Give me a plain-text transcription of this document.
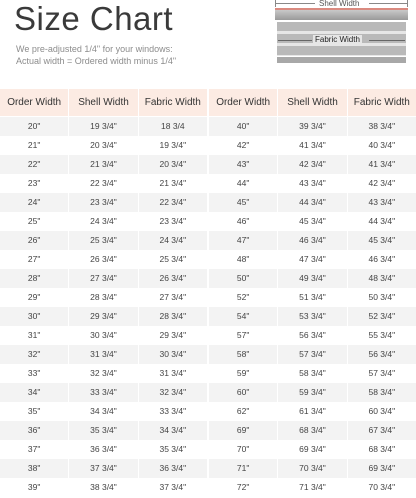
Size Chart
We pre-adjusted 1/4" for your windows:
Actual width = Ordered width minus 1/4"
Shell Width
Fabric Width
Order Width	Shell Width	Fabric Width
20"	19 3/4"	18 3/4
21"	20 3/4"	19 3/4"
22"	21 3/4"	20 3/4"
23"	22 3/4"	21 3/4"
24"	23 3/4"	22 3/4"
25"	24 3/4"	23 3/4"
26"	25 3/4"	24 3/4"
27"	26 3/4"	25 3/4"
28"	27 3/4"	26 3/4"
29"	28 3/4"	27 3/4"
30"	29 3/4"	28 3/4"
31"	30 3/4"	29 3/4"
32"	31 3/4"	30 3/4"
33"	32 3/4"	31 3/4"
34"	33 3/4"	32 3/4"
35"	34 3/4"	33 3/4"
36"	35 3/4"	34 3/4"
37"	36 3/4"	35 3/4"
38"	37 3/4"	36 3/4"
39"	38 3/4"	37 3/4"
Order Width	Shell Width	Fabric Width
40"	39 3/4"	38 3/4"
42"	41 3/4"	40 3/4"
43"	42 3/4"	41 3/4"
44"	43 3/4"	42 3/4"
45"	44 3/4"	43 3/4"
46"	45 3/4"	44 3/4"
47"	46 3/4"	45 3/4"
48"	47 3/4"	46 3/4"
50"	49 3/4"	48 3/4"
52"	51 3/4"	50 3/4"
54"	53 3/4"	52 3/4"
57"	56 3/4"	55 3/4"
58"	57 3/4"	56 3/4"
59"	58 3/4"	57 3/4"
60"	59 3/4"	58 3/4"
62"	61 3/4"	60 3/4"
69"	68 3/4"	67 3/4"
70"	69 3/4"	68 3/4"
71"	70 3/4"	69 3/4"
72"	71 3/4"	70 3/4"
